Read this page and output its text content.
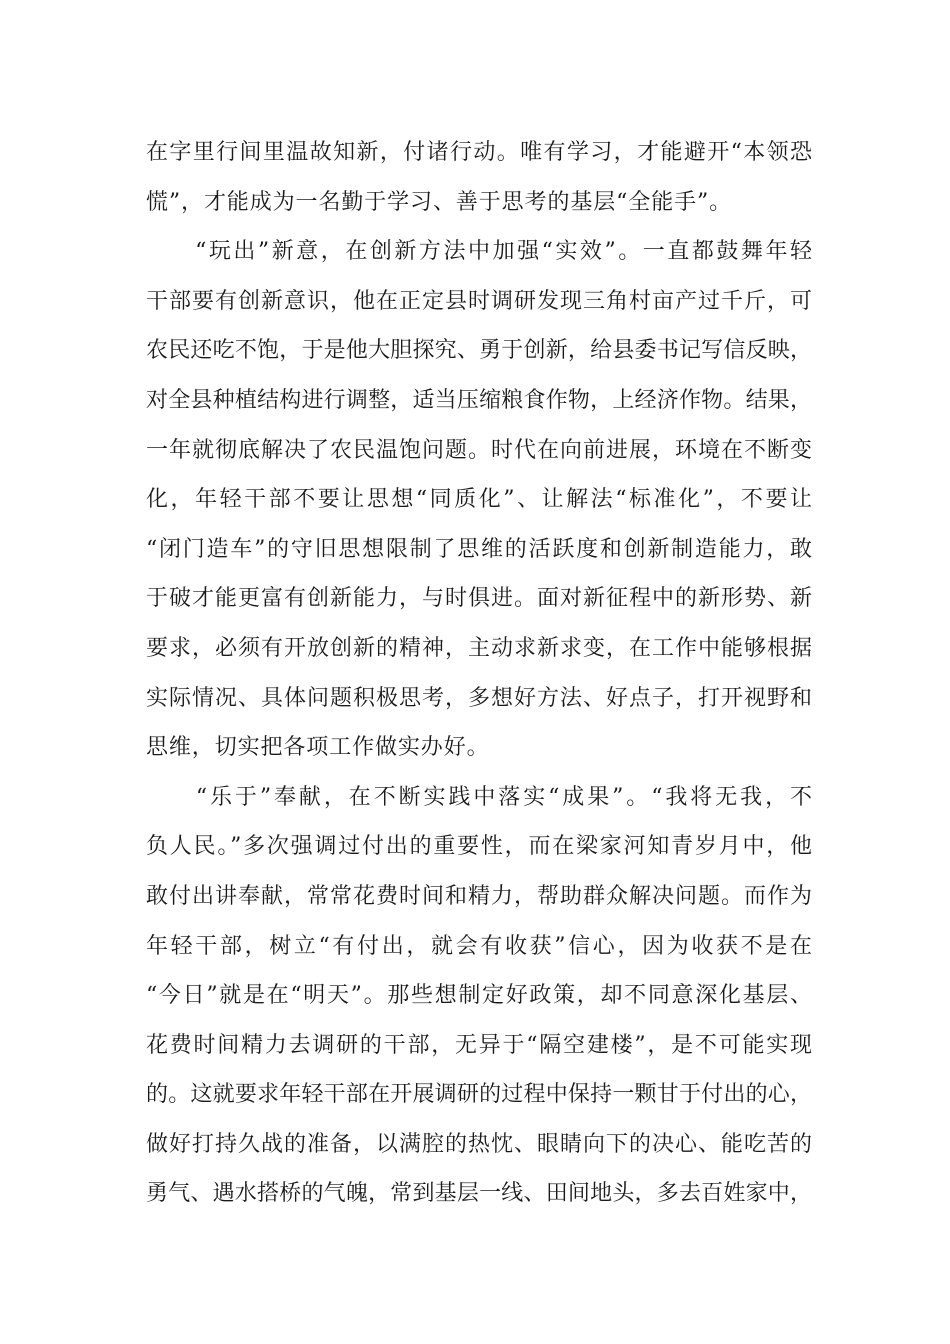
在字里行间里温故知新，付诸行动。唯有学习，才能避开“本领恐
慌”，才能成为一名勤于学习、善于思考的基层“全能手”。
　　“玩出”新意，在创新方法中加强“实效”。一直都鼓舞年轻
干部要有创新意识，他在正定县时调研发现三角村亩产过千斤，可
农民还吃不饱，于是他大胆探究、勇于创新，给县委书记写信反映，
对全县种植结构进行调整，适当压缩粮食作物，上经济作物。结果，
一年就彻底解决了农民温饱问题。时代在向前进展，环境在不断变
化，年轻干部不要让思想“同质化”、让解法“标准化”，不要让
“闭门造车”的守旧思想限制了思维的活跃度和创新制造能力，敢
于破才能更富有创新能力，与时俱进。面对新征程中的新形势、新
要求，必须有开放创新的精神，主动求新求变，在工作中能够根据
实际情况、具体问题积极思考，多想好方法、好点子，打开视野和
思维，切实把各项工作做实办好。
　　“乐于”奉献，在不断实践中落实“成果”。“我将无我，不
负人民。”多次强调过付出的重要性，而在梁家河知青岁月中，他
敢付出讲奉献，常常花费时间和精力，帮助群众解决问题。而作为
年轻干部，树立“有付出，就会有收获”信心，因为收获不是在
“今日”就是在“明天”。那些想制定好政策，却不同意深化基层、
花费时间精力去调研的干部，无异于“隔空建楼”，是不可能实现
的。这就要求年轻干部在开展调研的过程中保持一颗甘于付出的心，
做好打持久战的准备，以满腔的热忱、眼睛向下的决心、能吃苦的
勇气、遇水搭桥的气魄，常到基层一线、田间地头，多去百姓家中，
